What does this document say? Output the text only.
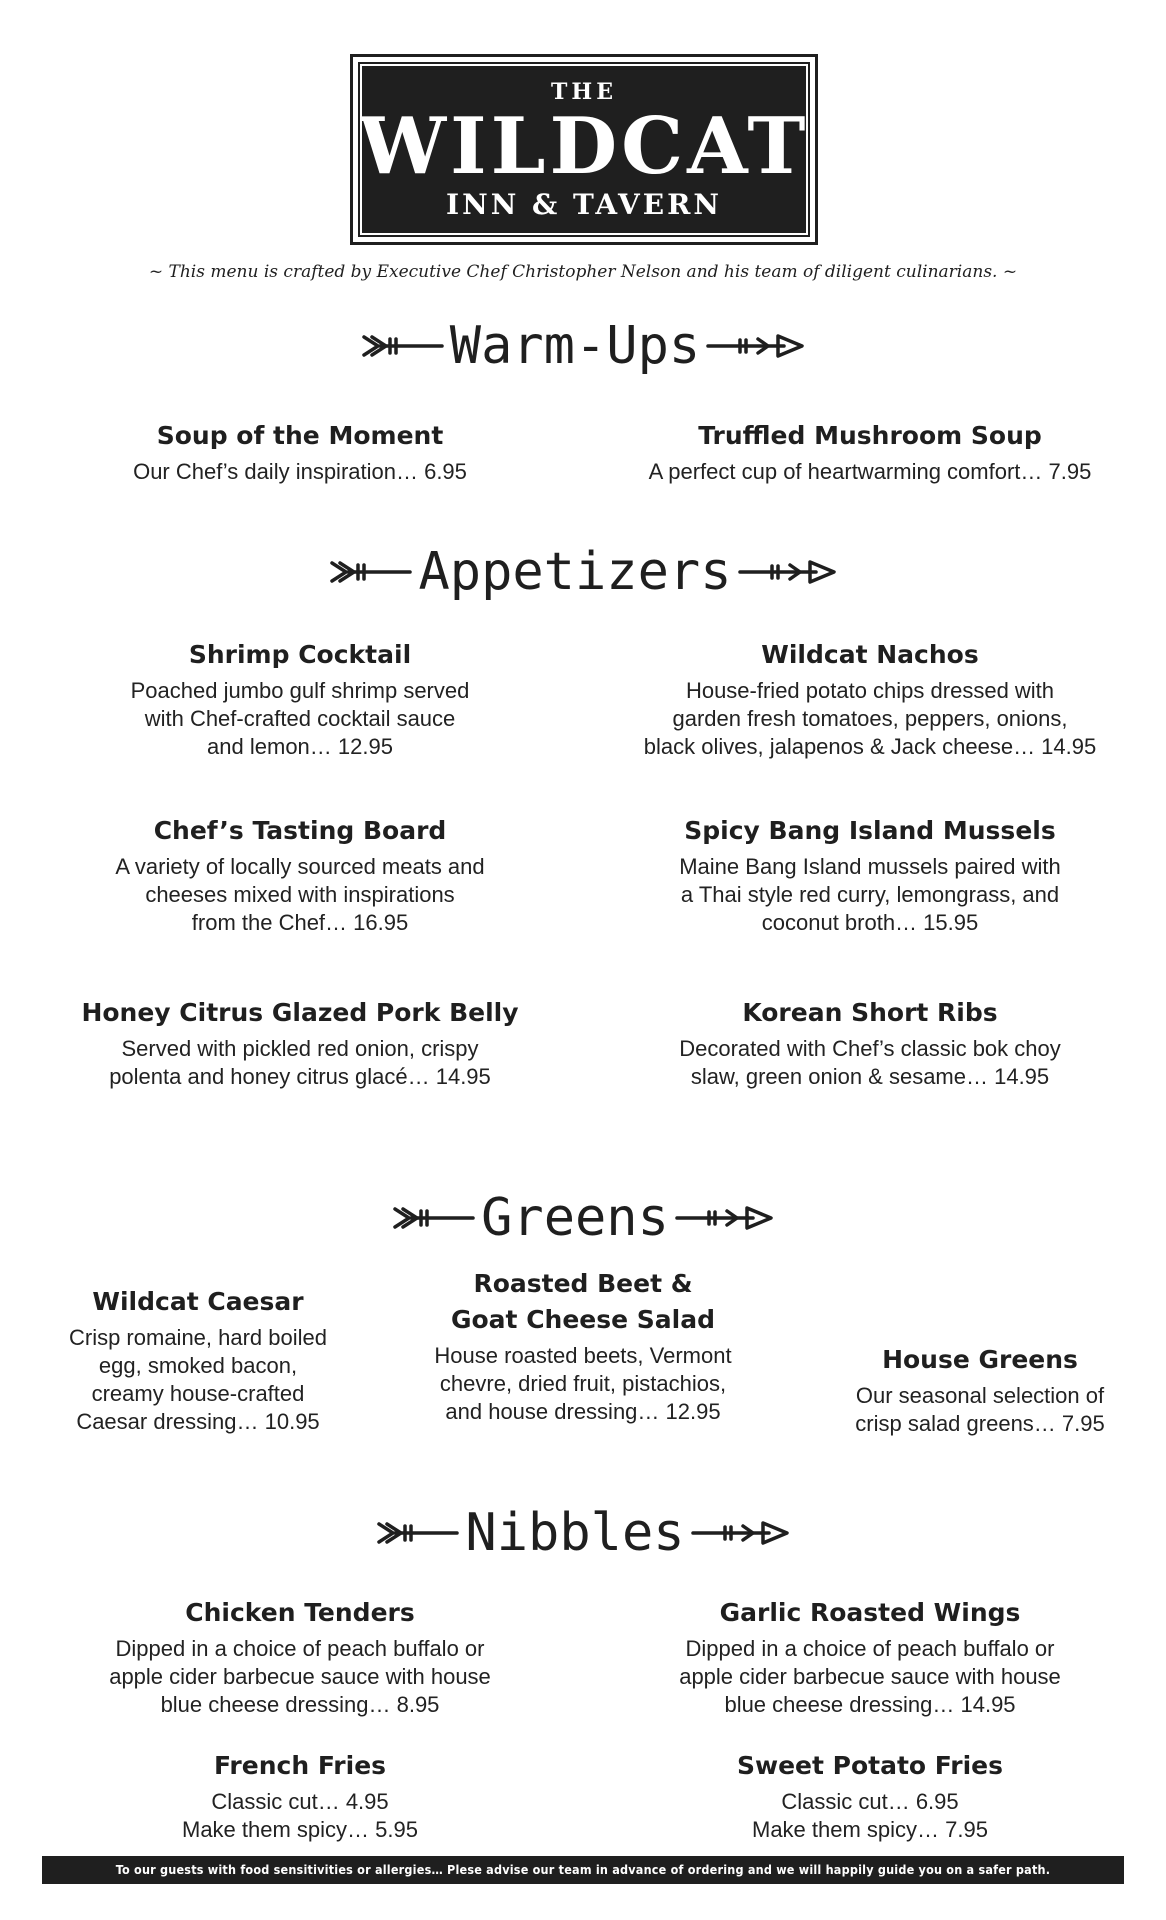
THE
WILDCAT
INN & TAVERN
~ This menu is crafted by Executive Chef Christopher Nelson and his team of diligent culinarians. ~
Warm-Ups
Soup of the Moment
Our Chef’s daily inspiration… 6.95
Truffled Mushroom Soup
A perfect cup of heartwarming comfort… 7.95
Appetizers
Shrimp Cocktail
Poached jumbo gulf shrimp served
with Chef-crafted cocktail sauce
and lemon… 12.95
Wildcat Nachos
House-fried potato chips dressed with
garden fresh tomatoes, peppers, onions,
black olives, jalapenos & Jack cheese… 14.95
Chef’s Tasting Board
A variety of locally sourced meats and
cheeses mixed with inspirations
from the Chef… 16.95
Spicy Bang Island Mussels
Maine Bang Island mussels paired with
a Thai style red curry, lemongrass, and
coconut broth… 15.95
Honey Citrus Glazed Pork Belly
Served with pickled red onion, crispy
polenta and honey citrus glacé… 14.95
Korean Short Ribs
Decorated with Chef’s classic bok choy
slaw, green onion & sesame… 14.95
Greens
Wildcat Caesar
Crisp romaine, hard boiled
egg, smoked bacon,
creamy house-crafted
Caesar dressing… 10.95
Roasted Beet &
Goat Cheese Salad
House roasted beets, Vermont
chevre, dried fruit, pistachios,
and house dressing… 12.95
House Greens
Our seasonal selection of
crisp salad greens… 7.95
Nibbles
Chicken Tenders
Dipped in a choice of peach buffalo or
apple cider barbecue sauce with house
blue cheese dressing… 8.95
Garlic Roasted Wings
Dipped in a choice of peach buffalo or
apple cider barbecue sauce with house
blue cheese dressing… 14.95
French Fries
Classic cut… 4.95
Make them spicy… 5.95
Sweet Potato Fries
Classic cut… 6.95
Make them spicy… 7.95
To our guests with food sensitivities or allergies… Plese advise our team in advance of ordering and we will happily guide you on a safer path.
